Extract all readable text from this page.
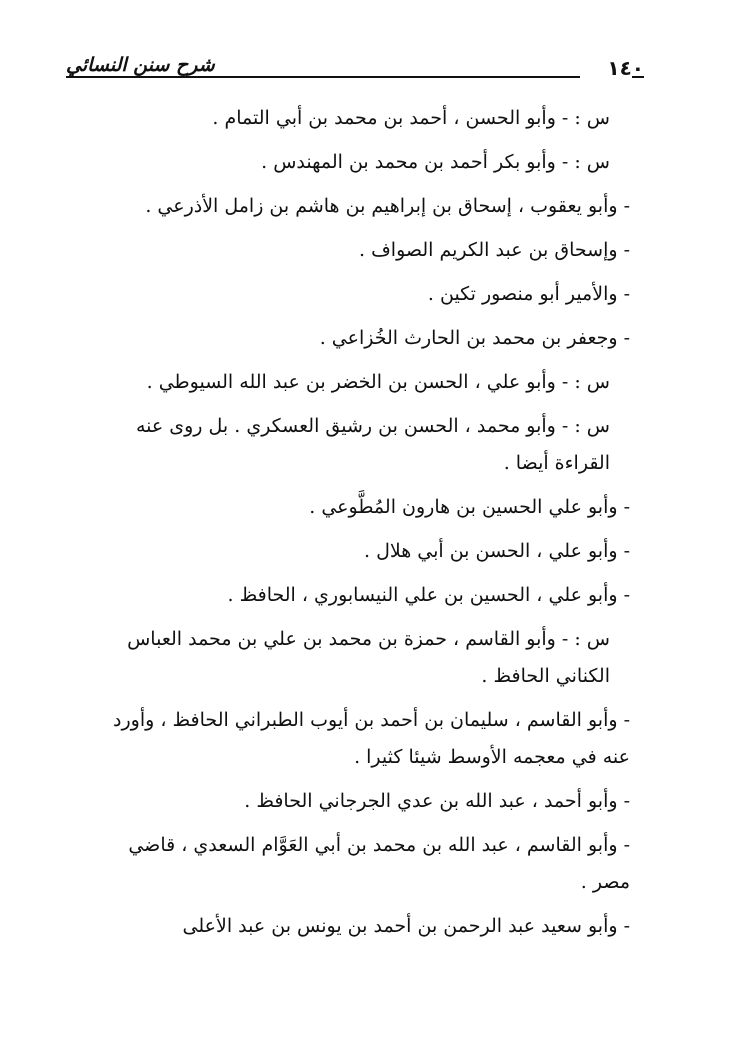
شرح سنن النسائي	١٤٠

س : - وأبو الحسن ، أحمد بن محمد بن أبي التمام .

س : - وأبو بكر أحمد بن محمد بن المهندس .

- وأبو يعقوب ، إسحاق بن إبراهيم بن هاشم بن زامل الأذرعي .

- وإسحاق بن عبد الكريم الصواف .

- والأمير أبو منصور تكين .

- وجعفر بن محمد بن الحارث الخُزاعي .

س : - وأبو علي ، الحسن بن الخضر بن عبد الله السيوطي .

س : - وأبو محمد ، الحسن بن رشيق العسكري . بل روى عنه القراءة أيضا .

- وأبو علي الحسين بن هارون المُطَّوعي .

- وأبو علي ، الحسن بن أبي هلال .

- وأبو علي ، الحسين بن علي النيسابوري ، الحافظ .

س : - وأبو القاسم ، حمزة بن محمد بن علي بن محمد العباس الكناني الحافظ .

- وأبو القاسم ، سليمان بن أحمد بن أيوب الطبراني الحافظ ، وأورد عنه في معجمه الأوسط شيئا كثيرا .

- وأبو أحمد ، عبد الله بن عدي الجرجاني الحافظ .

- وأبو القاسم ، عبد الله بن محمد بن أبي العَوَّام السعدي ، قاضي مصر .

- وأبو سعيد عبد الرحمن بن أحمد بن يونس بن عبد الأعلى
